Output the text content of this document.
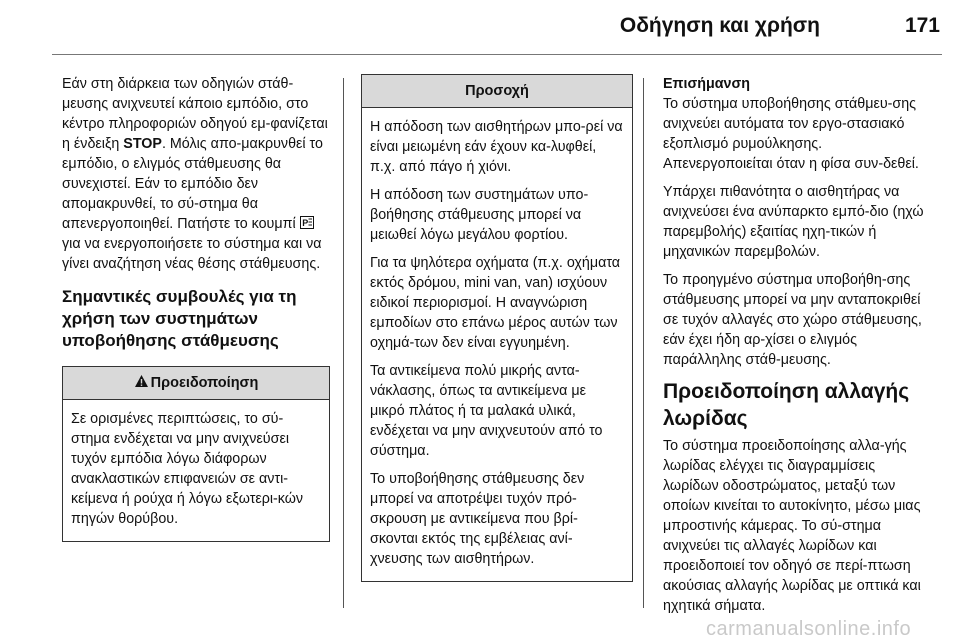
Οδήγηση και χρήση	171

Εάν στη διάρκεια των οδηγιών στάθ-μευσης ανιχνευτεί κάποιο εμπόδιο, στο κέντρο πληροφοριών οδηγού εμ-φανίζεται η ένδειξη STOP. Μόλις απο-μακρυνθεί το εμπόδιο, ο ελιγμός στάθμευσης θα συνεχιστεί. Εάν το εμπόδιο δεν απομακρυνθεί, το σύ-στημα θα απενεργοποιηθεί. Πατήστε το κουμπί P
για να ενεργοποιήσετε το σύστημα και να γίνει αναζήτηση νέας θέσης στάθμευσης.

Σημαντικές συμβουλές για τη χρήση των συστημάτων υποβοήθησης στάθμευσης
Προειδοποίηση

Σε ορισμένες περιπτώσεις, το σύ-στημα ενδέχεται να μην ανιχνεύσει τυχόν εμπόδια λόγω διάφορων ανακλαστικών επιφανειών σε αντι-κείμενα ή ρούχα ή λόγω εξωτερι-κών πηγών θορύβου.

Προσοχή

Η απόδοση των αισθητήρων μπο-ρεί να είναι μειωμένη εάν έχουν κα-λυφθεί, π.χ. από πάγο ή χιόνι.

Η απόδοση των συστημάτων υπο-βοήθησης στάθμευσης μπορεί να μειωθεί λόγω μεγάλου φορτίου.

Για τα ψηλότερα οχήματα (π.χ. οχήματα εκτός δρόμου, mini van, van) ισχύουν ειδικοί περιορισμοί. Η αναγνώριση εμποδίων στο επάνω μέρος αυτών των οχημά-των δεν είναι εγγυημένη.

Τα αντικείμενα πολύ μικρής αντα-νάκλασης, όπως τα αντικείμενα με μικρό πλάτος ή τα μαλακά υλικά, ενδέχεται να μην ανιχνευτούν από το σύστημα.

Το υποβοήθησης στάθμευσης δεν μπορεί να αποτρέψει τυχόν πρό-σκρουση με αντικείμενα που βρί-σκονται εκτός της εμβέλειας ανί-χνευσης των αισθητήρων.

Επισήμανση

Το σύστημα υποβοήθησης στάθμευ-σης ανιχνεύει αυτόματα τον εργο-στασιακό εξοπλισμό ρυμούλκησης. Απενεργοποιείται όταν η φίσα συν-δεθεί.

Υπάρχει πιθανότητα ο αισθητήρας να ανιχνεύσει ένα ανύπαρκτο εμπό-διο (ηχώ παρεμβολής) εξαιτίας ηχη-τικών ή μηχανικών παρεμβολών.

Το προηγμένο σύστημα υποβοήθη-σης στάθμευσης μπορεί να μην ανταποκριθεί σε τυχόν αλλαγές στο χώρο στάθμευσης, εάν έχει ήδη αρ-χίσει ο ελιγμός παράλληλης στάθ-μευσης.

Προειδοποίηση αλλαγής λωρίδας

Το σύστημα προειδοποίησης αλλα-γής λωρίδας ελέγχει τις διαγραμμίσεις λωρίδων οδοστρώματος, μεταξύ των οποίων κινείται το αυτοκίνητο, μέσω μιας μπροστινής κάμερας. Το σύ-στημα ανιχνεύει τις αλλαγές λωρίδων και προειδοποιεί τον οδηγό σε περί-πτωση ακούσιας αλλαγής λωρίδας με οπτικά και ηχητικά σήματα.

carmanualsonline.info
